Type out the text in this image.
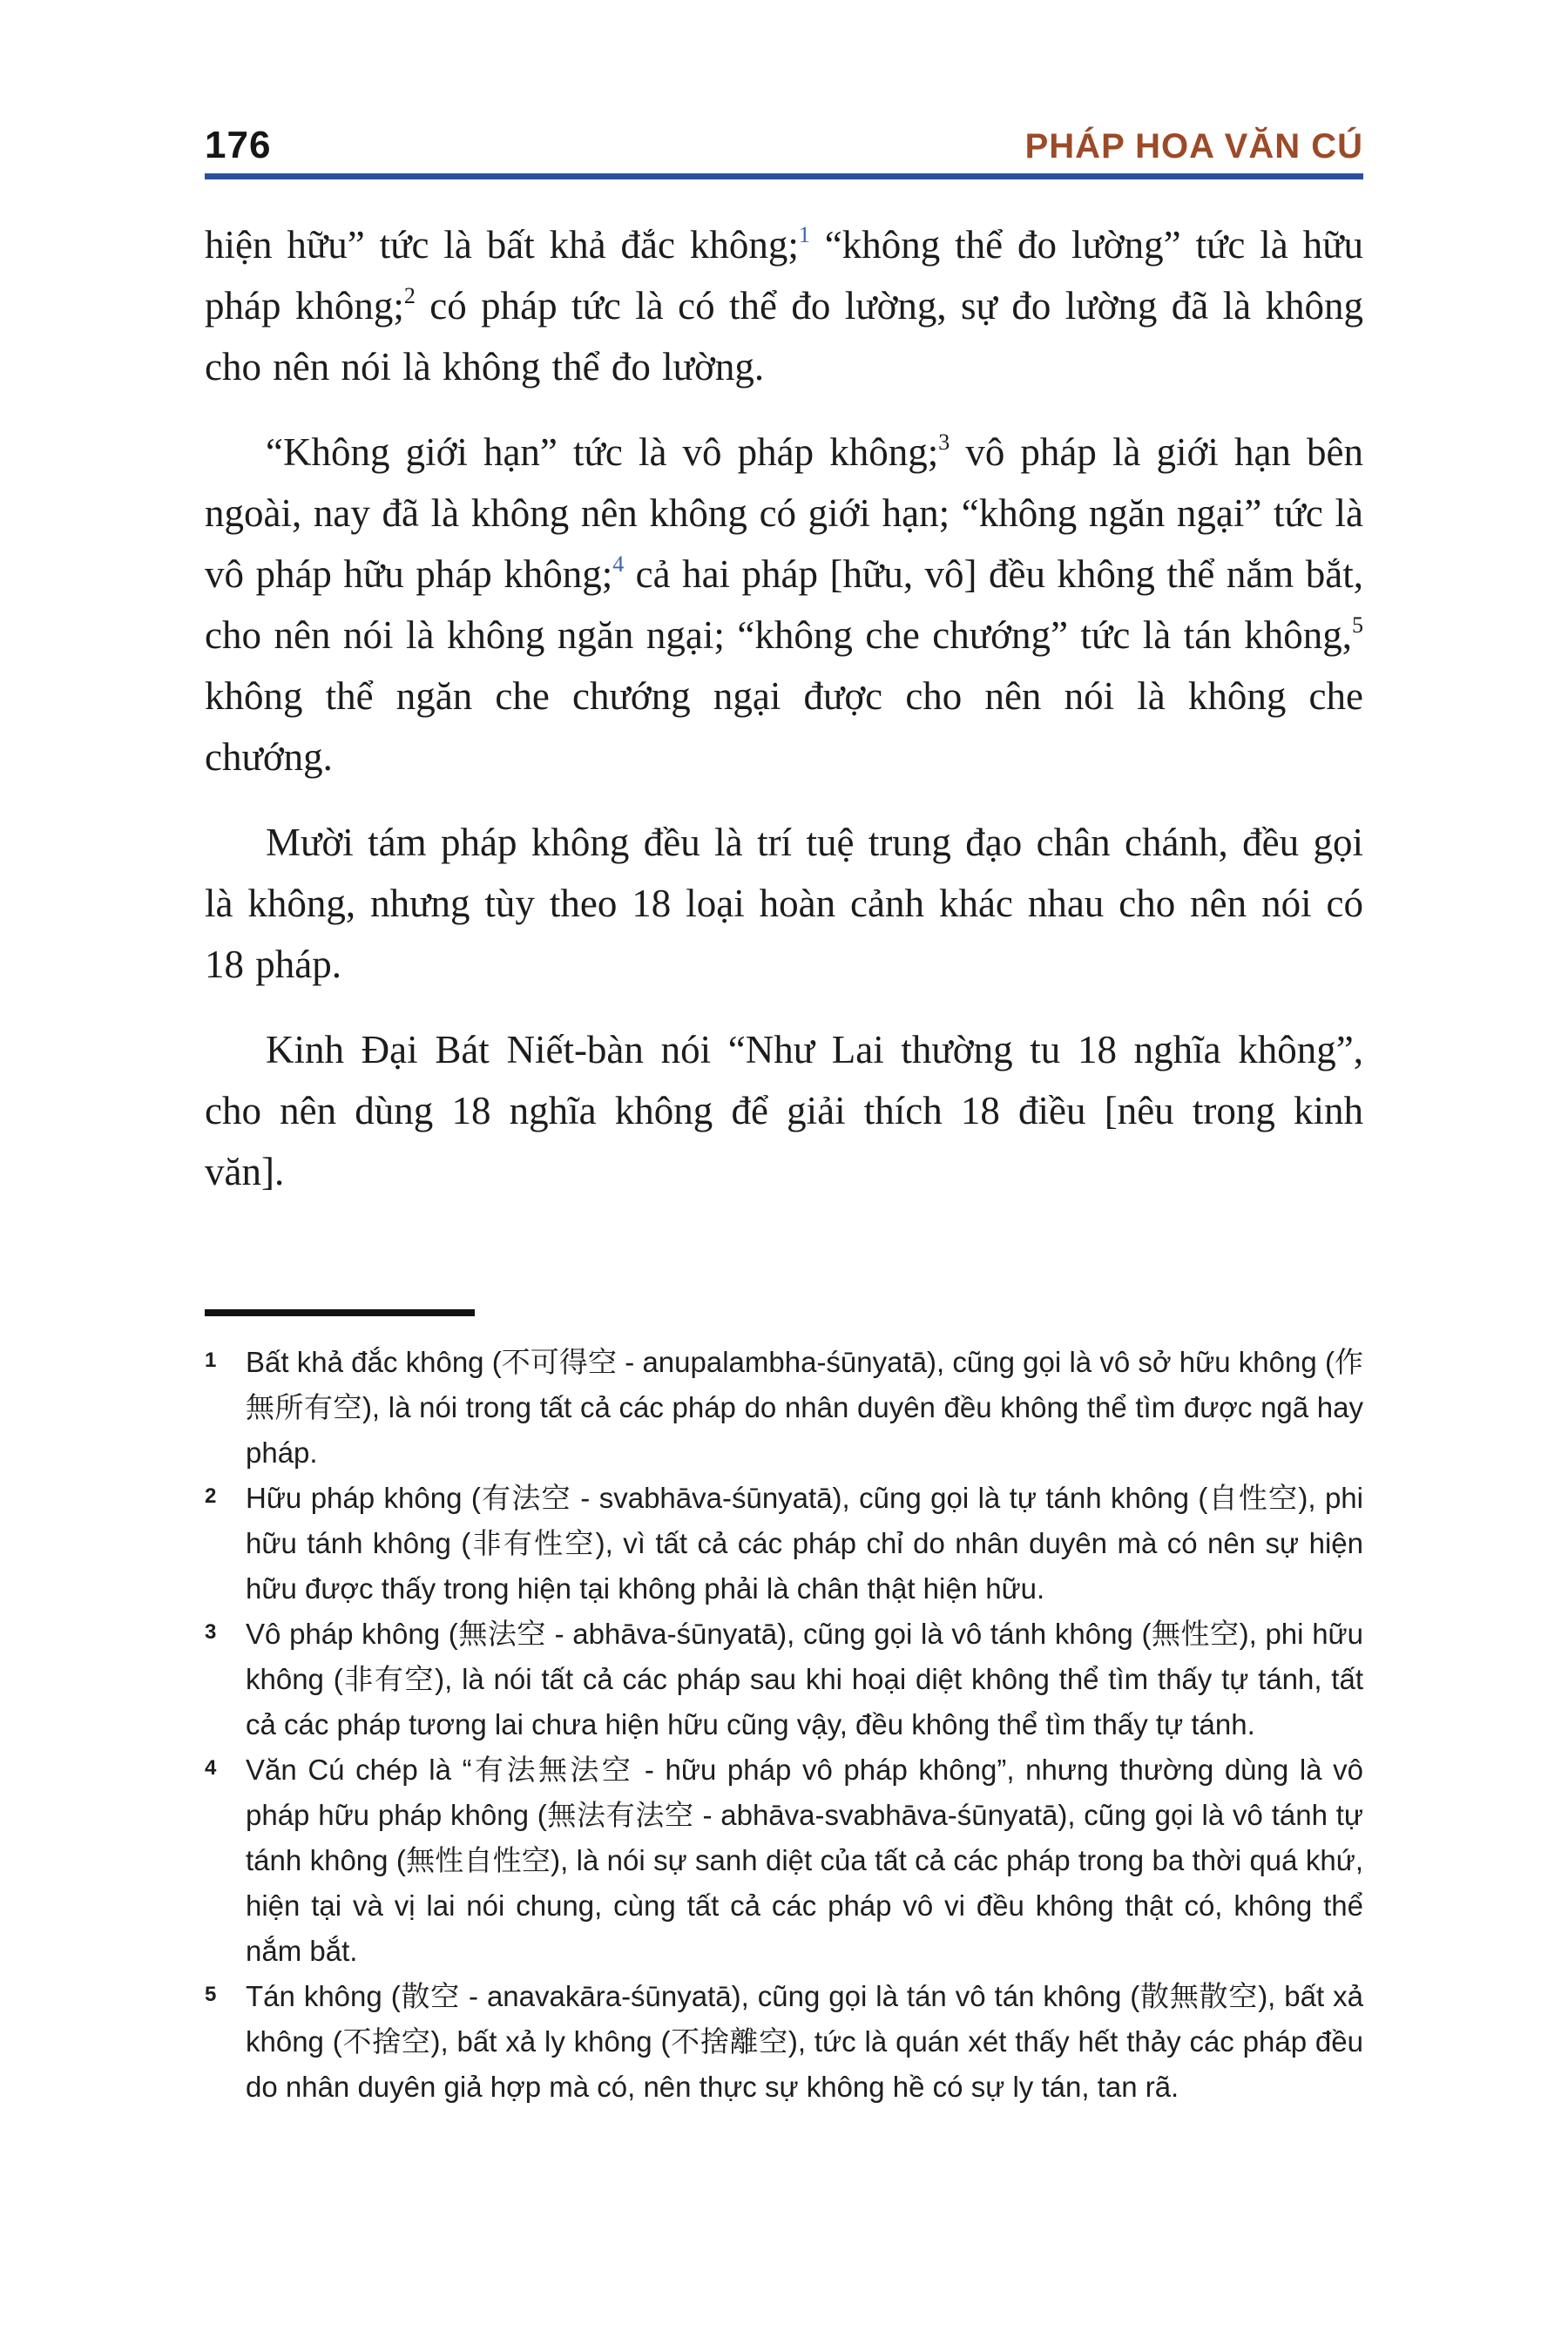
176	PHÁP HOA VĂN CÚ

hiện hữu” tức là bất khả đắc không;$^1$ “không thể đo lường” tức là hữu pháp không;$^2$ có pháp tức là có thể đo lường, sự đo lường đã là không cho nên nói là không thể đo lường.

“Không giới hạn” tức là vô pháp không;$^3$ vô pháp là giới hạn bên ngoài, nay đã là không nên không có giới hạn; “không ngăn ngại” tức là vô pháp hữu pháp không;$^4$ cả hai pháp [hữu, vô] đều không thể nắm bắt, cho nên nói là không ngăn ngại; “không che chướng” tức là tán không,$^5$ không thể ngăn che chướng ngại được cho nên nói là không che chướng.

Mười tám pháp không đều là trí tuệ trung đạo chân chánh, đều gọi là không, nhưng tùy theo 18 loại hoàn cảnh khác nhau cho nên nói có 18 pháp.

Kinh Đại Bát Niết-bàn nói “Như Lai thường tu 18 nghĩa không”, cho nên dùng 18 nghĩa không để giải thích 18 điều [nêu trong kinh văn].

1	Bất khả đắc không (不可得空 - anupalambha-śūnyatā), cũng gọi là vô sở hữu không (作無所有空), là nói trong tất cả các pháp do nhân duyên đều không thể tìm được ngã hay pháp.
2	Hữu pháp không (有法空 - svabhāva-śūnyatā), cũng gọi là tự tánh không (自性空), phi hữu tánh không (非有性空), vì tất cả các pháp chỉ do nhân duyên mà có nên sự hiện hữu được thấy trong hiện tại không phải là chân thật hiện hữu.
3	Vô pháp không (無法空 - abhāva-śūnyatā), cũng gọi là vô tánh không (無性空), phi hữu không (非有空), là nói tất cả các pháp sau khi hoại diệt không thể tìm thấy tự tánh, tất cả các pháp tương lai chưa hiện hữu cũng vậy, đều không thể tìm thấy tự tánh.
4	Văn Cú chép là “有法無法空 - hữu pháp vô pháp không”, nhưng thường dùng là vô pháp hữu pháp không (無法有法空 - abhāva-svabhāva-śūnyatā), cũng gọi là vô tánh tự tánh không (無性自性空), là nói sự sanh diệt của tất cả các pháp trong ba thời quá khứ, hiện tại và vị lai nói chung, cùng tất cả các pháp vô vi đều không thật có, không thể nắm bắt.
5	Tán không (散空 - anavakāra-śūnyatā), cũng gọi là tán vô tán không (散無散空), bất xả không (不捨空), bất xả ly không (不捨離空), tức là quán xét thấy hết thảy các pháp đều do nhân duyên giả hợp mà có, nên thực sự không hề có sự ly tán, tan rã.
